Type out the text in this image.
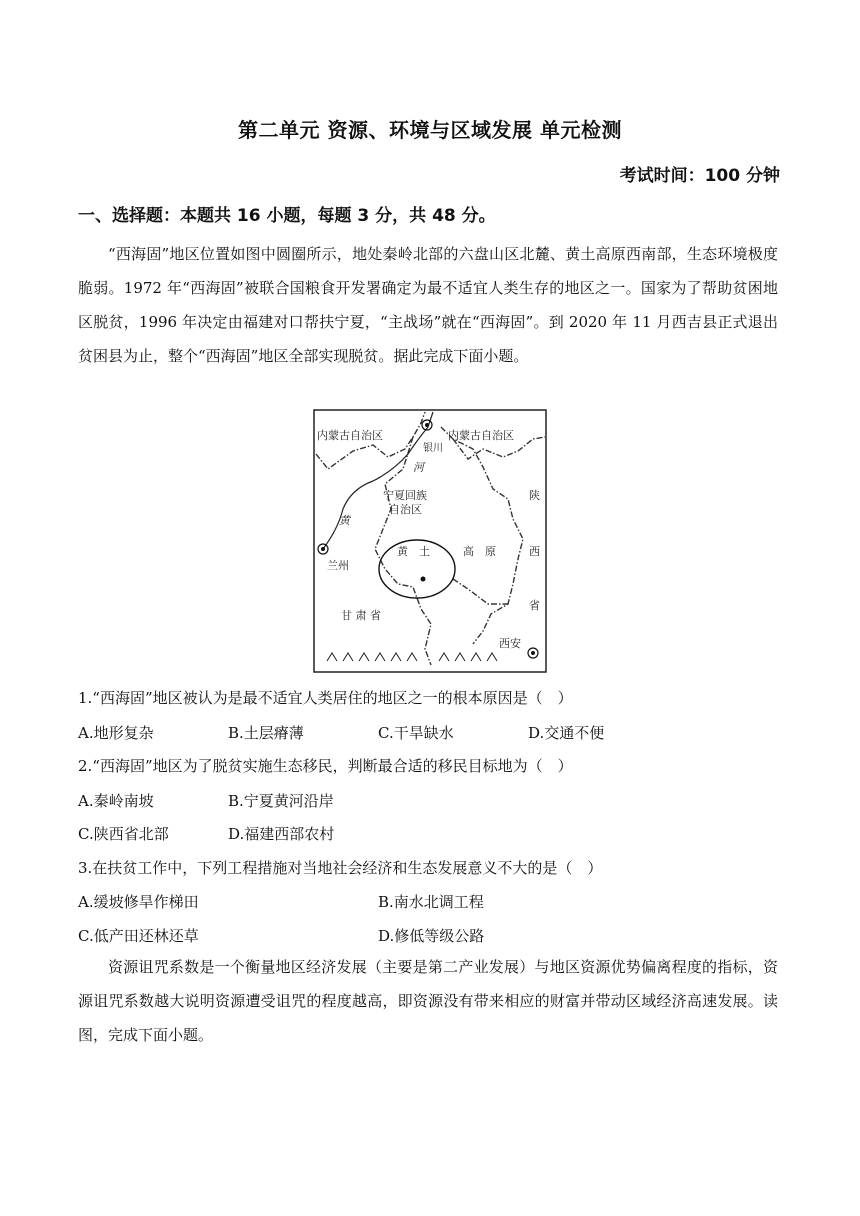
第二单元 资源、环境与区域发展 单元检测
考试时间：100 分钟
一、选择题：本题共 16 小题，每题 3 分，共 48 分。

“西海固”地区位置如图中圆圈所示，地处秦岭北部的六盘山区北麓、黄土高原西南部，生态环境极度脆弱。1972 年“西海固”被联合国粮食开发署确定为最不适宜人类生存的地区之一。国家为了帮助贫困地区脱贫，1996 年决定由福建对口帮扶宁夏，“主战场”就在“西海固”。到 2020 年 11 月西吉县正式退出贫困县为止，整个“西海固”地区全部实现脱贫。据此完成下面小题。

内蒙古自治区	内蒙古自治区
银川
河
黄
宁夏回族
自治区
陕
西
省
黄　土	高　原
兰州
甘 肃 省
西安

1.“西海固”地区被认为是最不适宜人类居住的地区之一的根本原因是（　）

A.地形复杂	B.土层瘠薄	C.干旱缺水	D.交通不便

2.“西海固”地区为了脱贫实施生态移民，判断最合适的移民目标地为（　）

A.秦岭南坡	B.宁夏黄河沿岸
C.陕西省北部	D.福建西部农村

3.在扶贫工作中，下列工程措施对当地社会经济和生态发展意义不大的是（　）

A.缓坡修旱作梯田	B.南水北调工程
C.低产田还林还草	D.修低等级公路

资源诅咒系数是一个衡量地区经济发展（主要是第二产业发展）与地区资源优势偏离程度的指标，资源诅咒系数越大说明资源遭受诅咒的程度越高，即资源没有带来相应的财富并带动区域经济高速发展。读图，完成下面小题。
